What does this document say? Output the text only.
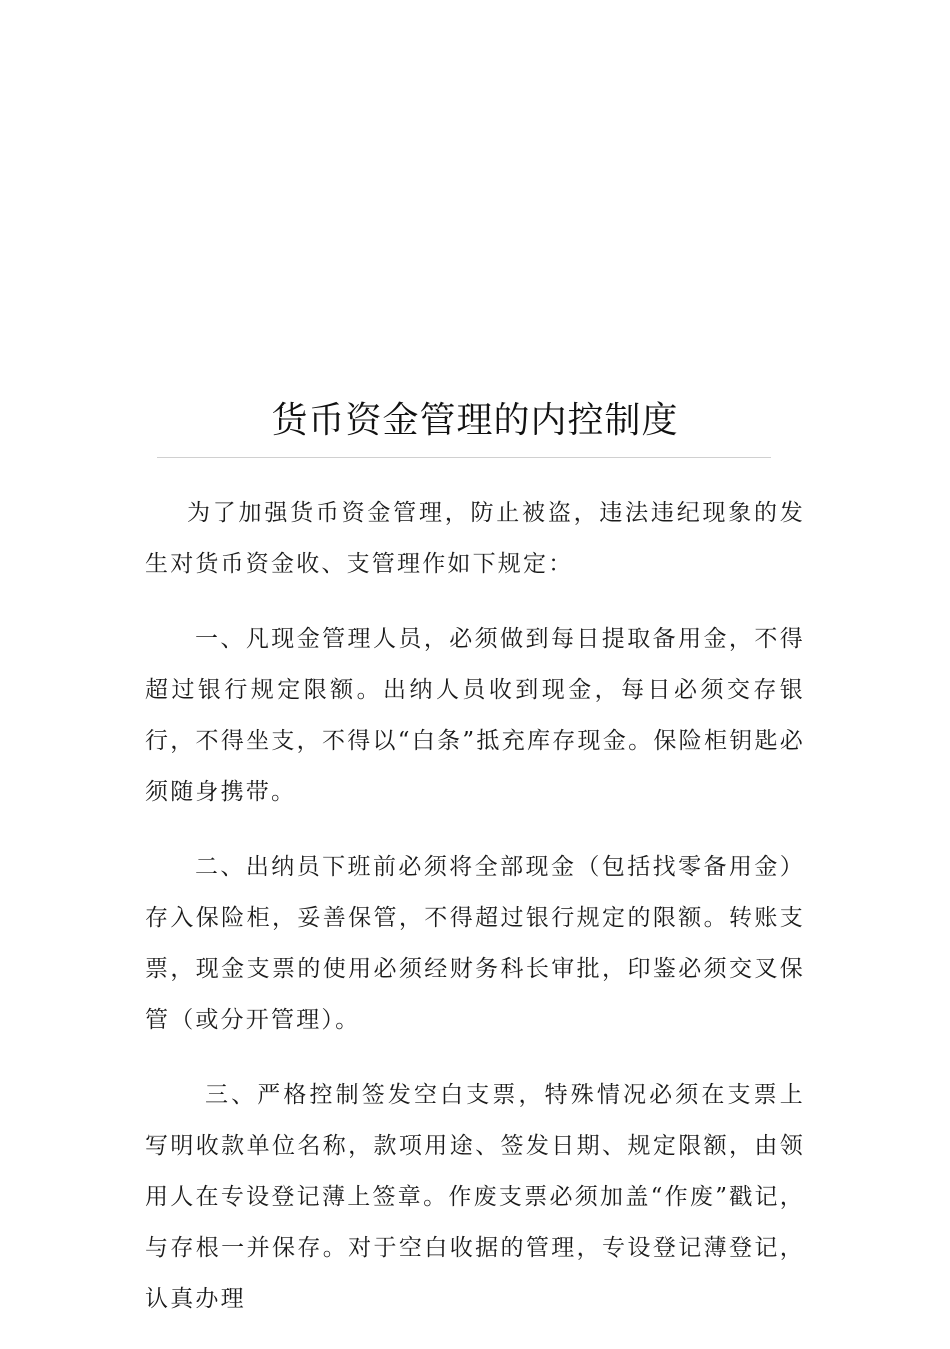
货币资金管理的内控制度

为了加强货币资金管理，防止被盗，违法违纪现象的发生对货币资金收、支管理作如下规定：

一、凡现金管理人员，必须做到每日提取备用金，不得超过银行规定限额。出纳人员收到现金，每日必须交存银行，不得坐支，不得以“白条”抵充库存现金。保险柜钥匙必须随身携带。

二、出纳员下班前必须将全部现金（包括找零备用金）存入保险柜，妥善保管，不得超过银行规定的限额。转账支票，现金支票的使用必须经财务科长审批，印鉴必须交叉保管（或分开管理）。

三、严格控制签发空白支票，特殊情况必须在支票上写明收款单位名称，款项用途、签发日期、规定限额，由领用人在专设登记薄上签章。作废支票必须加盖“作废”戳记，与存根一并保存。对于空白收据的管理，专设登记薄登记，认真办理
